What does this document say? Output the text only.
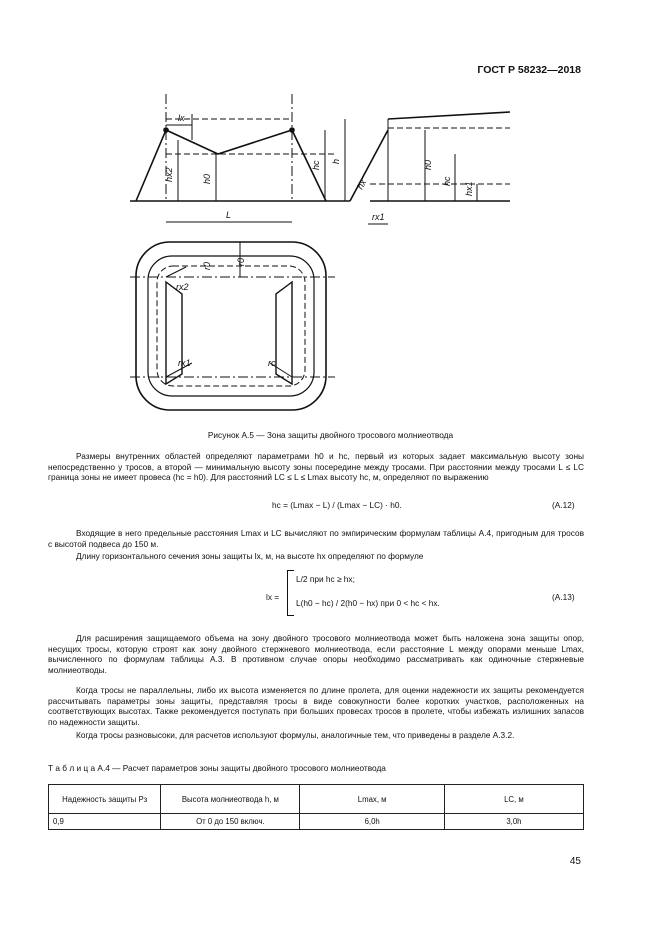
ГОСТ Р 58232—2018
lx
hx2	h0
hc h
L
h0
hc
hx1
hx
rx1
r0
r0
rx2
rx1	rc
Рисунок А.5 — Зона защиты двойного тросового молниеотвода

Размеры внутренних областей определяют параметрами h0 и hc, первый из которых задает максимальную высоту зоны непосредственно у тросов, а второй — минимальную высоту зоны посередине между тросами. При расстоянии между тросами L ≤ LC граница зоны не имеет провеса (hc = h0). Для расстояний LC ≤ L ≤ Lmax высоту hc, м, определяют по выражению

hc = (Lmax − L) / (Lmax − LC) · h0.	(А.12)

Входящие в него предельные расстояния Lmax и LC вычисляют по эмпирическим формулам таблицы А.4, пригодным для тросов с высотой подвеса до 150 м.

Длину горизонтального сечения зоны защиты lx, м, на высоте hx определяют по формуле

lx =
L/2 при hc ≥ hx;
L(h0 − hc) / 2(h0 − hx) при 0 < hc < hx.
(А.13)

Для расширения защищаемого объема на зону двойного тросового молниеотвода может быть наложена зона защиты опор, несущих тросы, которую строят как зону двойного стержневого молниеотвода, если расстояние L между опорами меньше Lmax, вычисленного по формулам таблицы А.3. В противном случае опоры необходимо рассматривать как одиночные стержневые молниеотводы.

Когда тросы не параллельны, либо их высота изменяется по длине пролета, для оценки надежности их защиты рекомендуется рассчитывать параметры зоны защиты, представляя тросы в виде совокупности более коротких участков, расположенных на соответствующих высотах. Также рекомендуется поступать при больших провесах тросов в пролете, чтобы избежать излишних запасов по надежности защиты.

Когда тросы разновысоки, для расчетов используют формулы, аналогичные тем, что приведены в разделе А.3.2.

Т а б л и ц а А.4 — Расчет параметров зоны защиты двойного тросового молниеотвода
Надежность защиты Рз	Высота молниеотвода h, м	Lmax, м	LC, м
0,9	От 0 до 150 включ.	6,0h	3,0h
45
